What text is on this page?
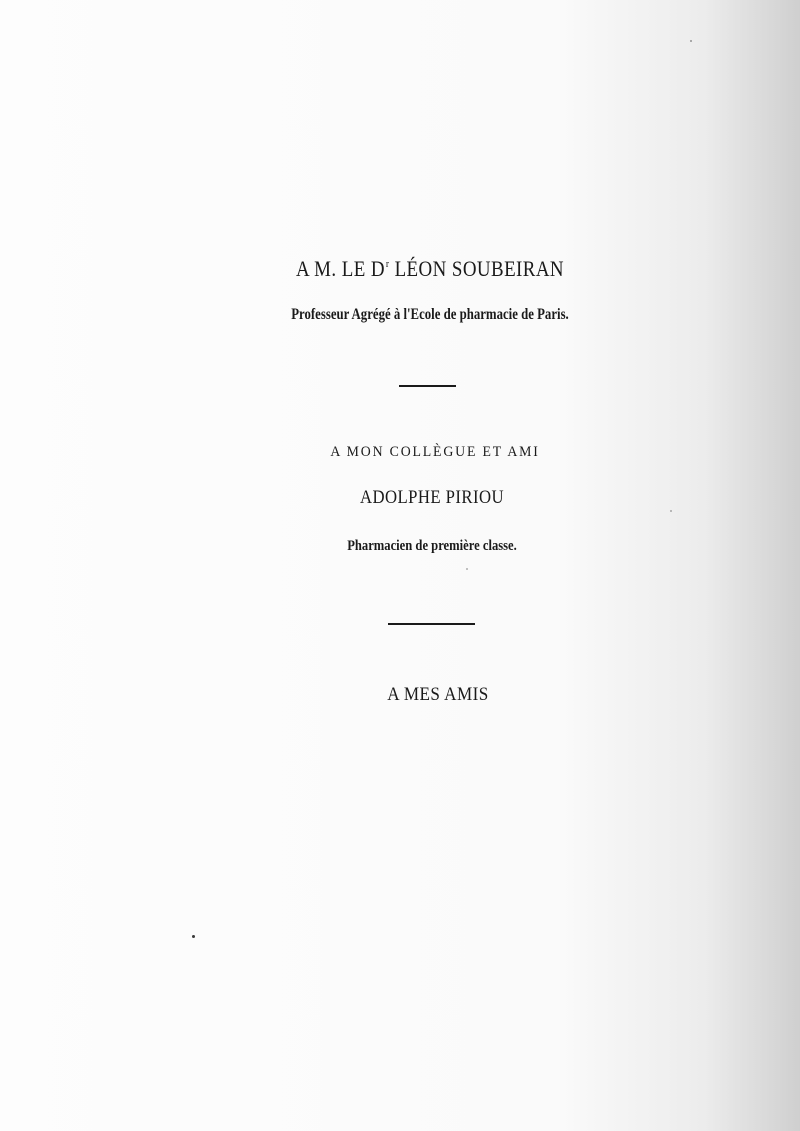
A M. LE $D^r$ LÉON SOUBEIRAN
Professeur Agrégé à l'Ecole de pharmacie de Paris.
A MON COLLÈGUE ET AMI
ADOLPHE PIRIOU
Pharmacien de première classe.
A MES AMIS
